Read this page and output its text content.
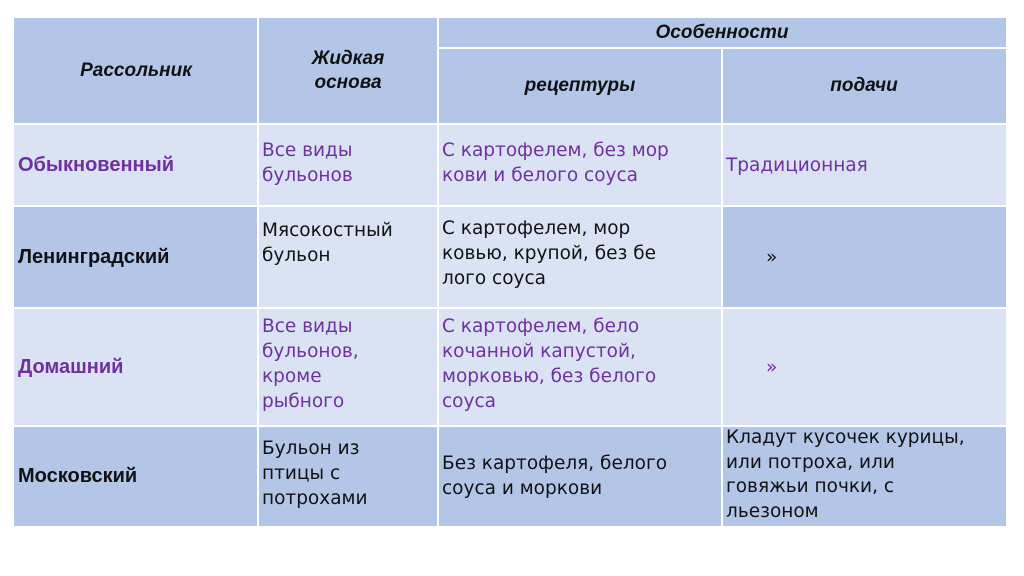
Рассольник
Жидкая
основа
Особенности
рецептуры	подачи
Обыкновенный
Все виды
бульонов
С картофелем, без мор
кови и белого соуса	Традиционная
Ленинградский
Мясокостный
бульон
С картофелем, мор
ковью, крупой, без бе
лого соуса
»
Домашний
Все виды
бульонов,
кроме
рыбного
С картофелем, бело
кочанной капустой,
морковью, без белого
соуса
»
Московский
Бульон из
птицы с
потрохами
Без картофеля, белого
соуса и моркови
Кладут кусочек курицы,
или потроха, или
говяжьи почки, с
льезоном
